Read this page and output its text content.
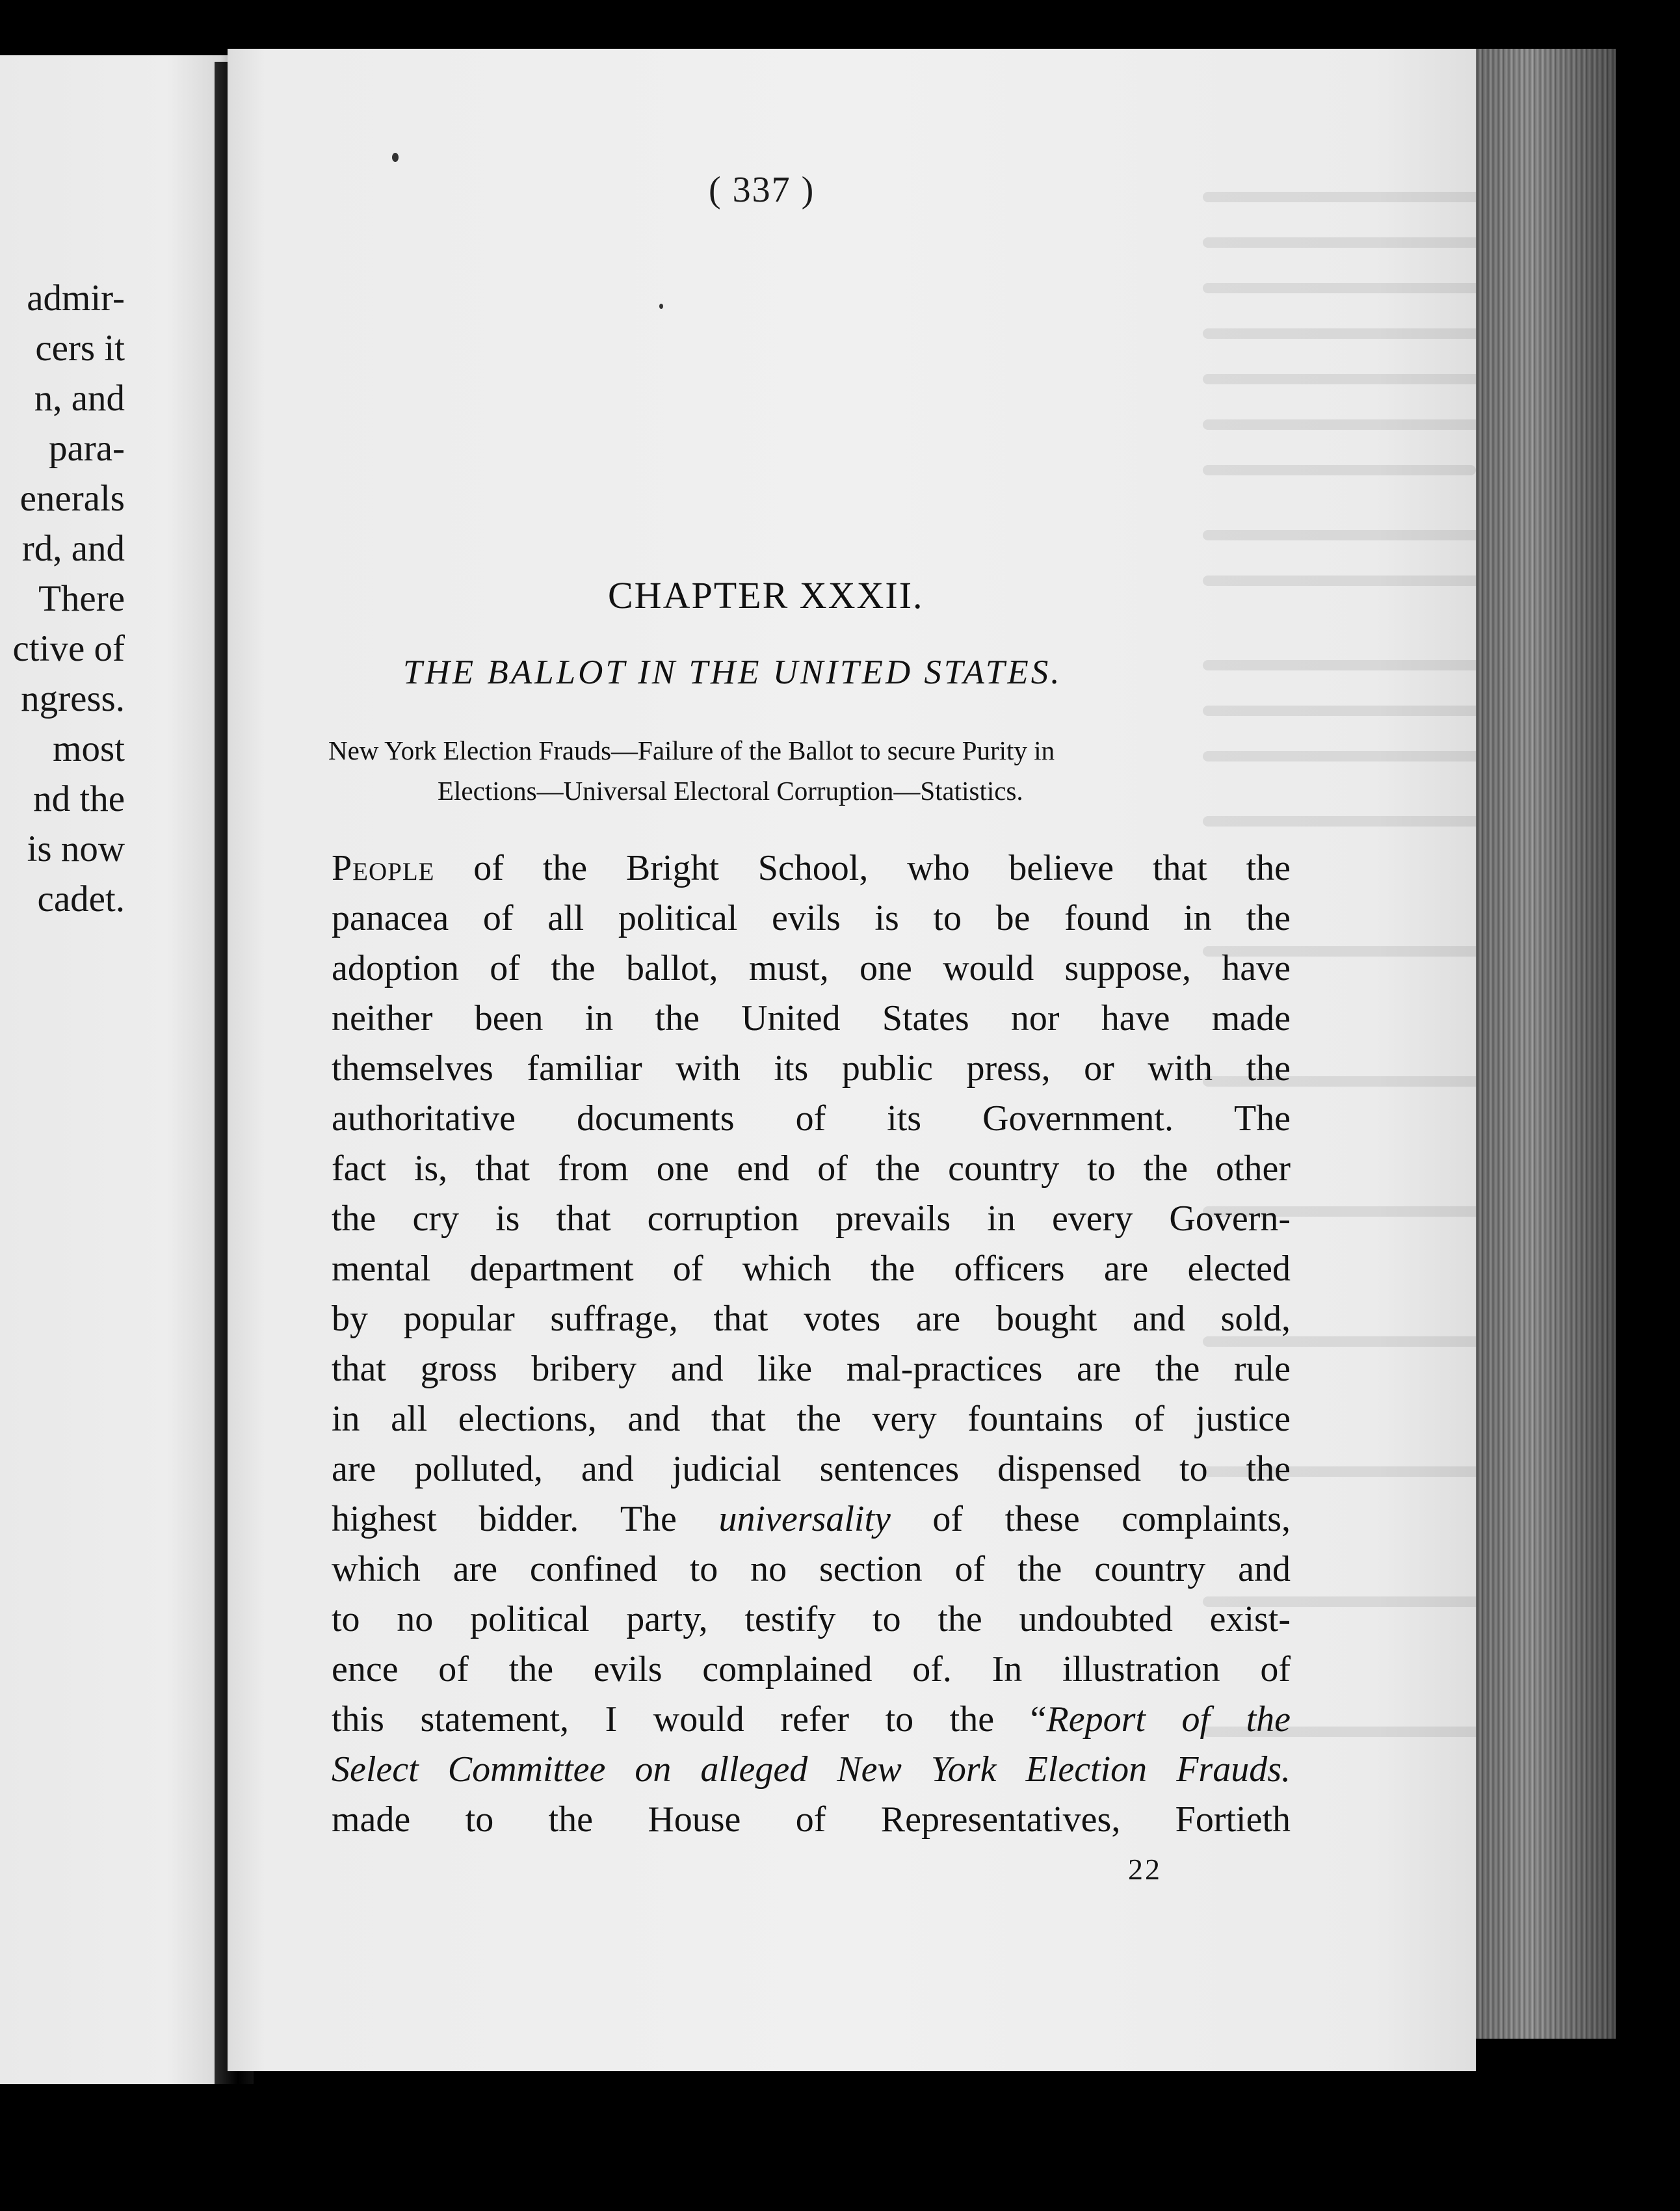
admir-
cers it
n, and
para-
enerals
rd, and
There
ctive of
ngress.
most
nd the
is now
cadet.
( 337 )
CHAPTER XXXII.
THE BALLOT IN THE UNITED STATES.
New York Election Frauds—Failure of the Ballot to secure Purity in
Elections—Universal Electoral Corruption—Statistics.
People of the Bright School, who believe that the
panacea of all political evils is to be found in the
adoption of the ballot, must, one would suppose, have
neither been in the United States nor have made
themselves familiar with its public press, or with the
authoritative documents of its Government. The
fact is, that from one end of the country to the other
the cry is that corruption prevails in every Govern-
mental department of which the officers are elected
by popular suffrage, that votes are bought and sold,
that gross bribery and like mal-practices are the rule
in all elections, and that the very fountains of justice
are polluted, and judicial sentences dispensed to the
highest bidder. The universality of these complaints,
which are confined to no section of the country and
to no political party, testify to the undoubted exist-
ence of the evils complained of. In illustration of
this statement, I would refer to the “Report of the
Select Committee on alleged New York Election Frauds.
made to the House of Representatives, Fortieth
22
